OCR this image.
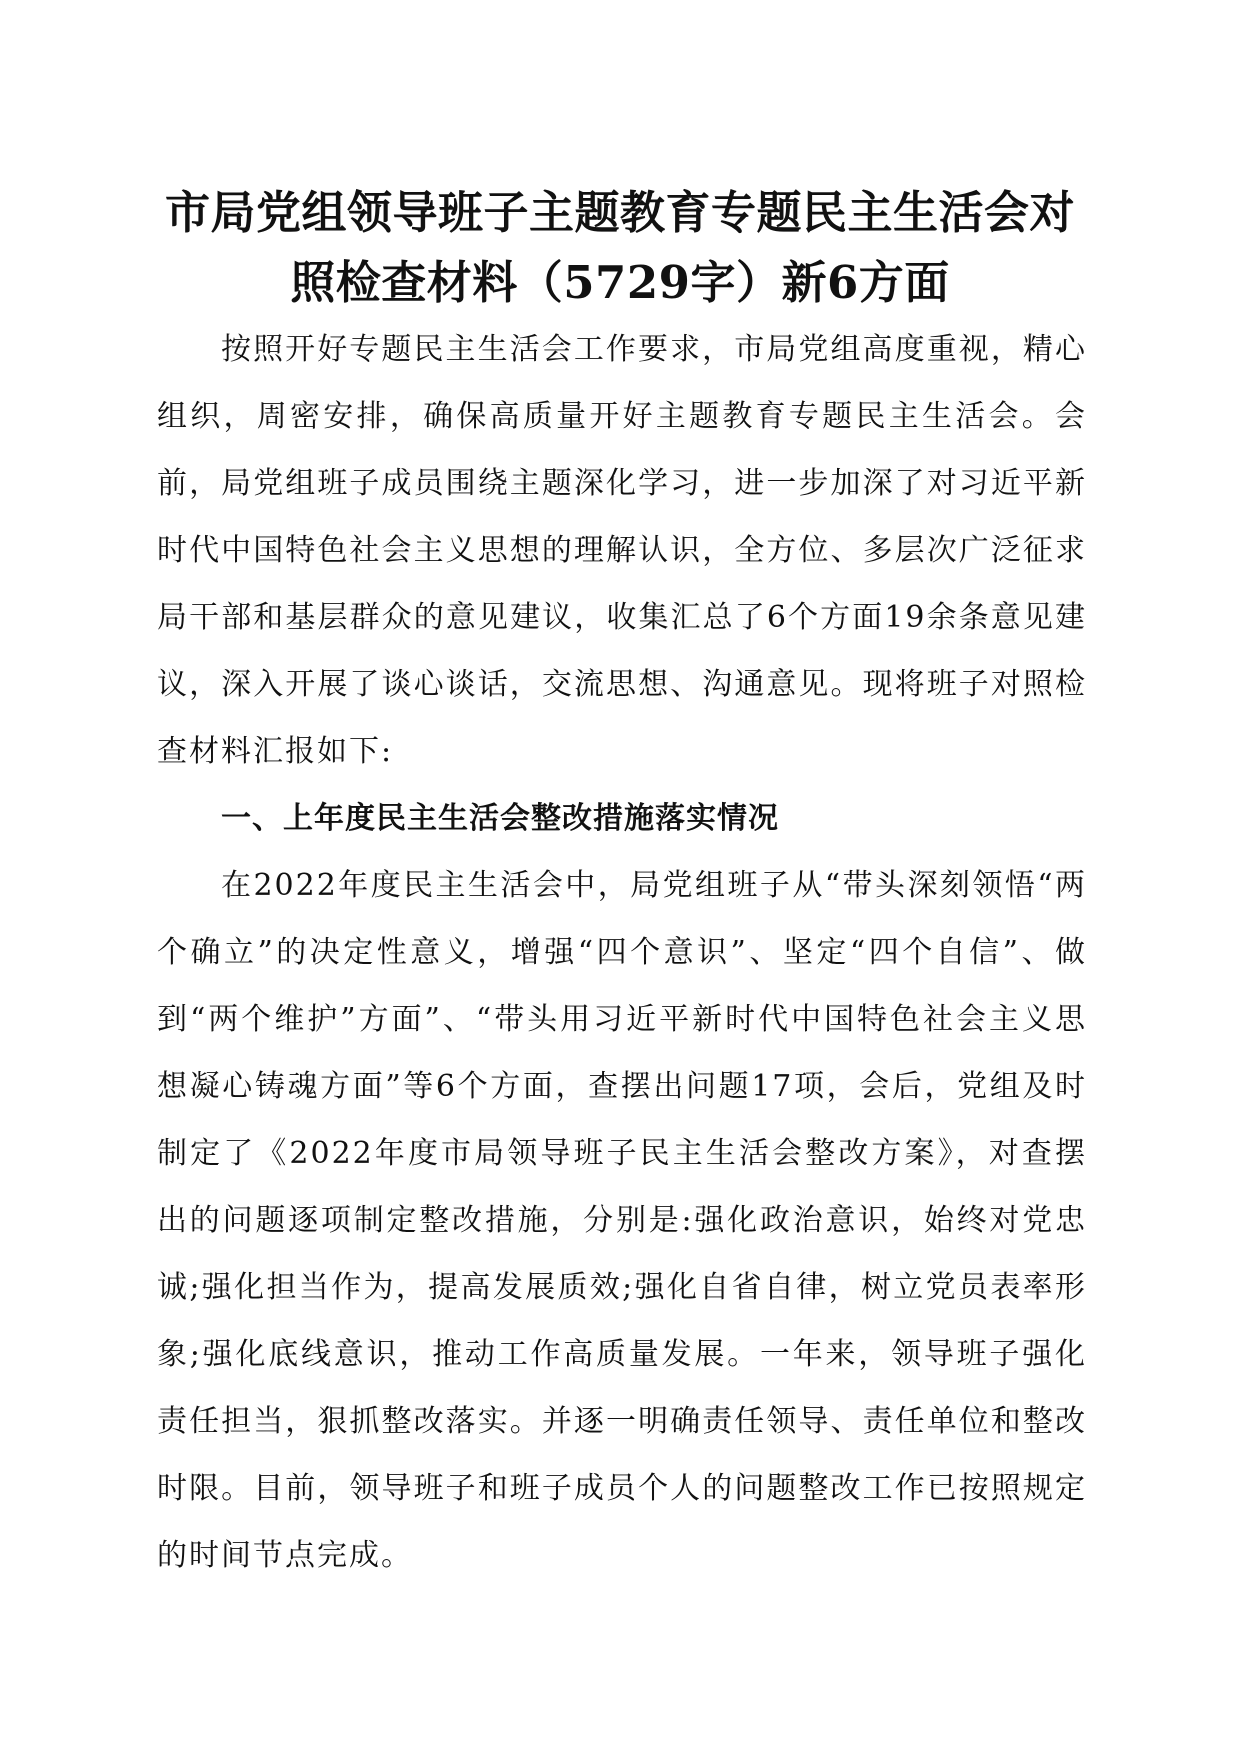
市局党组领导班子主题教育专题民主生活会对
照检查材料（5729字）新6方面

按照开好专题民主生活会工作要求，市局党组高度重视，精心组织，周密安排，确保高质量开好主题教育专题民主生活会。会前，局党组班子成员围绕主题深化学习，进一步加深了对习近平新时代中国特色社会主义思想的理解认识，全方位、多层次广泛征求局干部和基层群众的意见建议，收集汇总了6个方面19余条意见建议，深入开展了谈心谈话，交流思想、沟通意见。现将班子对照检查材料汇报如下:

一、上年度民主生活会整改措施落实情况

在2022年度民主生活会中，局党组班子从“带头深刻领悟“两个确立”的决定性意义，增强“四个意识”、坚定“四个自信”、做到“两个维护”方面”、“带头用习近平新时代中国特色社会主义思想凝心铸魂方面”等6个方面，查摆出问题17项，会后，党组及时制定了《2022年度市局领导班子民主生活会整改方案》，对查摆出的问题逐项制定整改措施，分别是:强化政治意识，始终对党忠诚;强化担当作为，提高发展质效;强化自省自律，树立党员表率形象;强化底线意识，推动工作高质量发展。一年来，领导班子强化责任担当，狠抓整改落实。并逐一明确责任领导、责任单位和整改时限。目前，领导班子和班子成员个人的问题整改工作已按照规定的时间节点完成。
